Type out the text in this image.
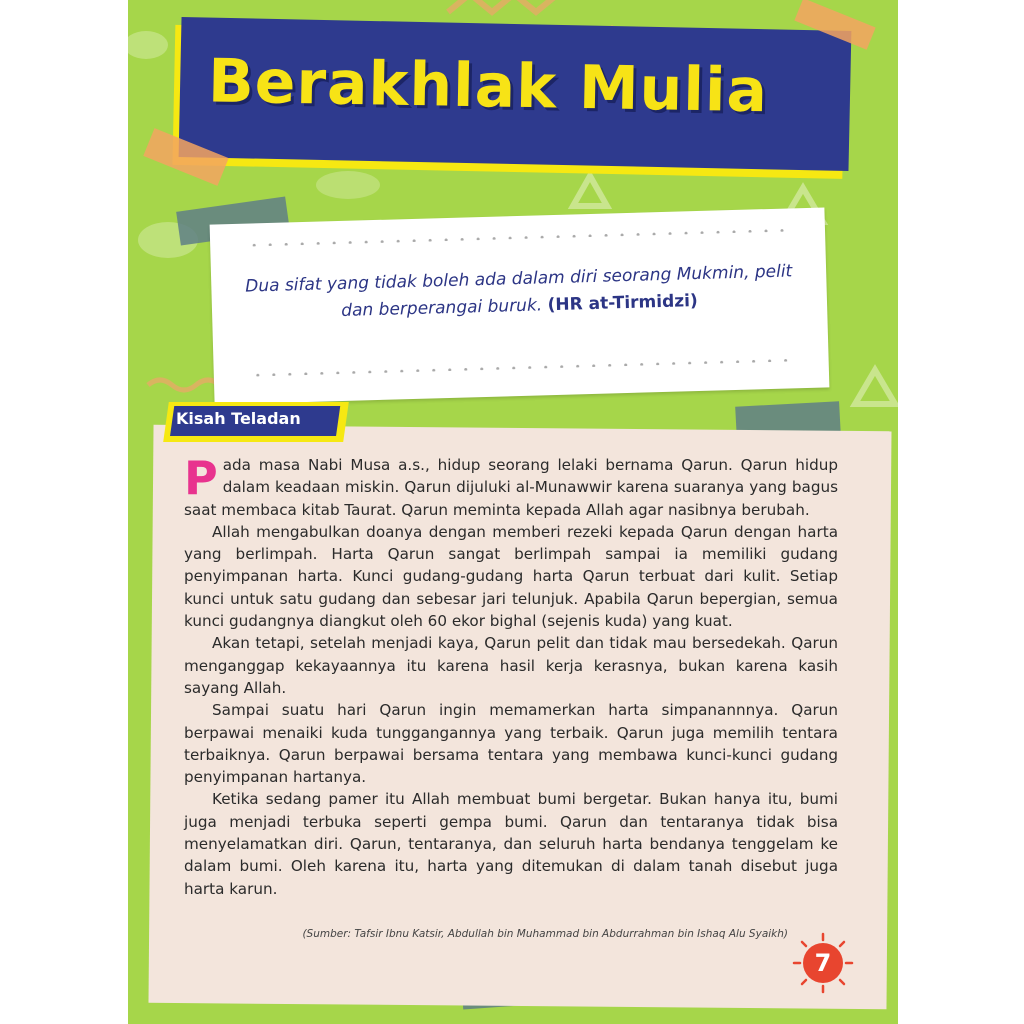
Berakhlak Mulia
Dua sifat yang tidak boleh ada dalam diri seorang Mukmin, pelit dan berperangai buruk. (HR at-Tirmidzi)
Kisah Teladan

Pada masa Nabi Musa a.s., hidup seorang lelaki bernama Qarun. Qarun hidup dalam keadaan miskin. Qarun dijuluki al-Munawwir karena suaranya yang bagus saat membaca kitab Taurat. Qarun meminta kepada Allah agar nasibnya berubah.

Allah mengabulkan doanya dengan memberi rezeki kepada Qarun dengan harta yang berlimpah. Harta Qarun sangat berlimpah sampai ia memiliki gudang penyimpanan harta. Kunci gudang-gudang harta Qarun terbuat dari kulit. Setiap kunci untuk satu gudang dan sebesar jari telunjuk. Apabila Qarun bepergian, semua kunci gudangnya diangkut oleh 60 ekor bighal (sejenis kuda) yang kuat.

Akan tetapi, setelah menjadi kaya, Qarun pelit dan tidak mau bersedekah. Qarun menganggap kekayaannya itu karena hasil kerja kerasnya, bukan karena kasih sayang Allah.

Sampai suatu hari Qarun ingin memamerkan harta simpanannnya. Qarun berpawai menaiki kuda tunggangannya yang terbaik. Qarun juga memilih tentara terbaiknya. Qarun berpawai bersama tentara yang membawa kunci-kunci gudang penyimpanan hartanya.

Ketika sedang pamer itu Allah membuat bumi bergetar. Bukan hanya itu, bumi juga menjadi terbuka seperti gempa bumi. Qarun dan tentaranya tidak bisa menyelamatkan diri. Qarun, tentaranya, dan seluruh harta bendanya tenggelam ke dalam bumi. Oleh karena itu, harta yang ditemukan di dalam tanah disebut juga harta karun.

(Sumber: Tafsir Ibnu Katsir, Abdullah bin Muhammad bin Abdurrahman bin Ishaq Alu Syaikh)
7
